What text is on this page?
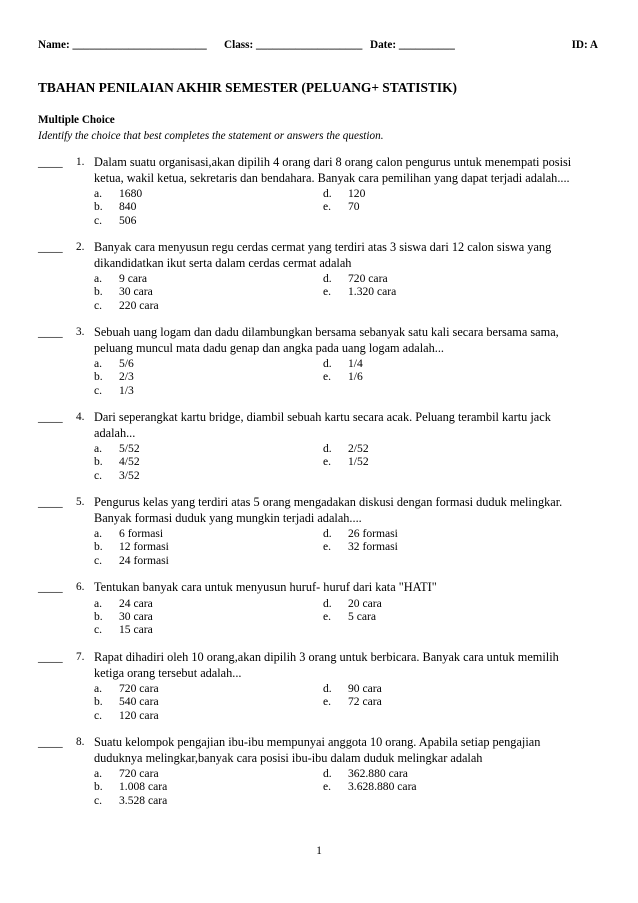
Name: ________________________ Class: ___________________ Date: __________	ID: A
TBAHAN PENILAIAN AKHIR SEMESTER (PELUANG+ STATISTIK)
Multiple Choice
Identify the choice that best completes the statement or answers the question.
____ 1. Dalam suatu organisasi,akan dipilih 4 orang dari 8 orang calon pengurus untuk menempati posisi
ketua, wakil ketua, sekretaris dan bendahara. Banyak cara pemilihan yang dapat terjadi adalah....
a. 1680
b. 840
c. 506
d. 120
e. 70
____ 2. Banyak cara menyusun regu cerdas cermat yang terdiri atas 3 siswa dari 12 calon siswa yang
dikandidatkan ikut serta dalam cerdas cermat adalah
a. 9 cara
b. 30 cara
c. 220 cara
d. 720 cara
e. 1.320 cara
____ 3. Sebuah uang logam dan dadu dilambungkan bersama sebanyak satu kali secara bersama sama,
peluang muncul mata dadu genap dan angka pada uang logam adalah...
a. 5/6
b. 2/3
c. 1/3
d. 1/4
e. 1/6
____ 4. Dari seperangkat kartu bridge, diambil sebuah kartu secara acak. Peluang terambil kartu jack
adalah...
a. 5/52
b. 4/52
c. 3/52
d. 2/52
e. 1/52
____ 5. Pengurus kelas yang terdiri atas 5 orang mengadakan diskusi dengan formasi duduk melingkar.
Banyak formasi duduk yang mungkin terjadi adalah....
a. 6 formasi
b. 12 formasi
c. 24 formasi
d. 26 formasi
e. 32 formasi
____ 6. Tentukan banyak cara untuk menyusun huruf- huruf dari kata "HATI"
a. 24 cara
b. 30 cara
c. 15 cara
d. 20 cara
e. 5 cara
____ 7. Rapat dihadiri oleh 10 orang,akan dipilih 3 orang untuk berbicara. Banyak cara untuk memilih
ketiga orang tersebut adalah...
a. 720 cara
b. 540 cara
c. 120 cara
d. 90 cara
e. 72 cara
____ 8. Suatu kelompok pengajian ibu-ibu mempunyai anggota 10 orang. Apabila setiap pengajian
duduknya melingkar,banyak cara posisi ibu-ibu dalam duduk melingkar adalah
a. 720 cara
b. 1.008 cara
c. 3.528 cara
d. 362.880 cara
e. 3.628.880 cara
1
